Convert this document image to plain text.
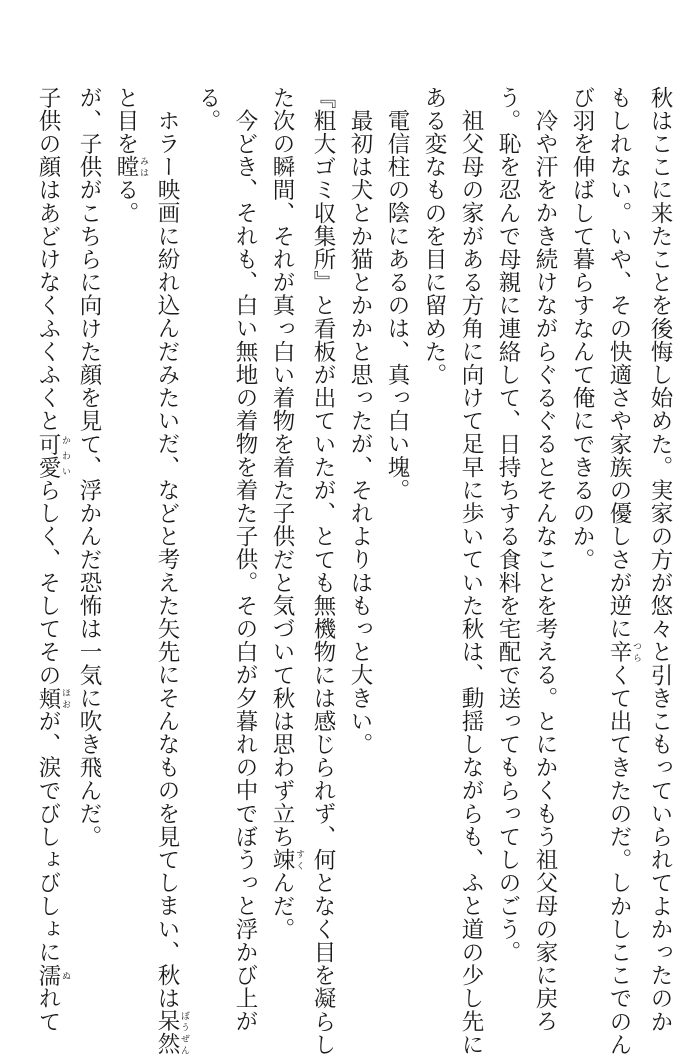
秋はここに来たことを後悔し始めた。実家の方が悠々と引きこもっていられてよかったのか
もしれない。いや、その快適さや家族の優しさが逆に辛 つらくて出てきたのだ。しかしここでのん
び羽を伸ばして暮らすなんて俺にできるのか。
冷や汗をかき続けながらぐるぐるとそんなことを考える。とにかくもう祖父母の家に戻ろ
う。恥を忍んで母親に連絡して、日持ちする食料を宅配で送ってもらってしのごう。
祖父母の家がある方角に向けて足早に歩いていた秋は、動揺しながらも、ふと道の少し先に
ある変なものを目に留めた。
電信柱の陰にあるのは、真っ白い塊。
最初は犬とか猫とかかと思ったが、それよりはもっと大きい。
『粗大ゴミ収集所』と看板が出ていたが、とても無機物には感じられず、何となく目を凝らし
た次の瞬間、それが真っ白い着物を着た子供だと気づいて秋は思わず立ち竦 すくんだ。
今どき、それも、白い無地の着物を着た子供。その白が夕暮れの中でぼうっと浮かび上が
る。
ホラー映画に紛れ込んだみたいだ、などと考えた矢先にそんなものを見てしまい、秋は呆然 ぼうぜん
と目を瞠 みはる。
が、子供がこちらに向けた顔を見て、浮かんだ恐怖は一気に吹き飛んだ。
子供の顔はあどけなくふくふくと可愛 かわいらしく、そしてその頬 ほおが、涙でびしょびしょに濡 ぬれて
